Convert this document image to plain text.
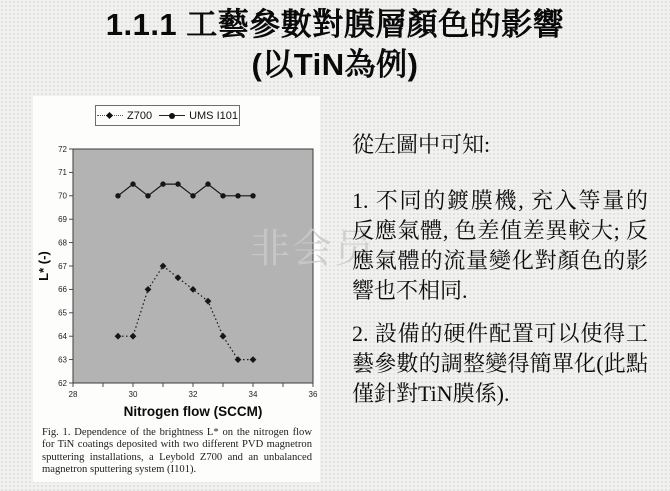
1.1.1 工藝參數對膜層顏色的影響
(以TiN為例)
Z700	UMS I101
62
63
64
65
66
67
68
69
70
71
72
28	30	32	34	36
Nitrogen flow (SCCM)
L* (-)
Fig. 1. Dependence of the brightness L* on the nitrogen flow for TiN coatings deposited with two different PVD magnetron sputtering installations, a Leybold Z700 and an unbalanced magnetron sputtering system (I101).
非会员
從左圖中可知:

1. 不同的鍍膜機, 充入等量的反應氣體, 色差值差異較大; 反應氣體的流量變化對顏色的影響也不相同.

2. 設備的硬件配置可以使得工藝參數的調整變得簡單化(此點僅針對TiN膜係).
